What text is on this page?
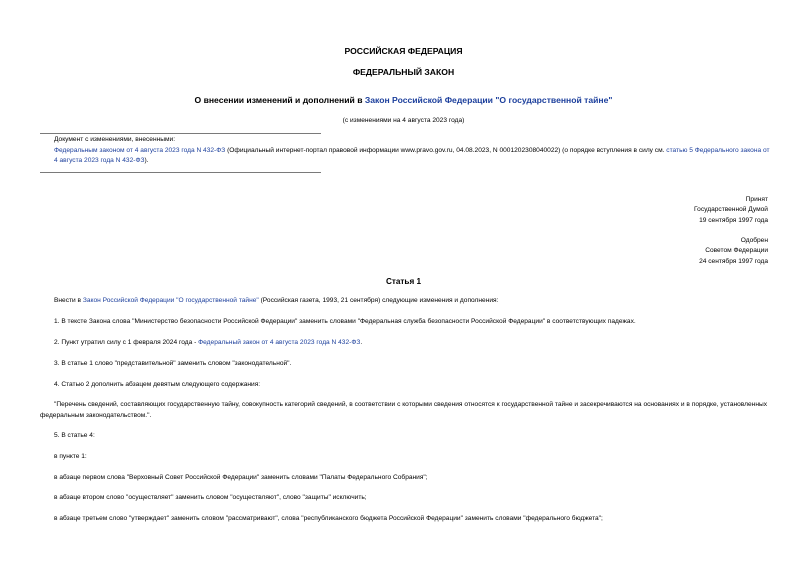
РОССИЙСКАЯ ФЕДЕРАЦИЯ
ФЕДЕРАЛЬНЫЙ ЗАКОН
О внесении изменений и дополнений в Закон Российской Федерации "О государственной тайне"
(с изменениями на 4 августа 2023 года)
Документ с изменениями, внесенными:
Федеральным законом от 4 августа 2023 года N 432-ФЗ (Официальный интернет-портал правовой информации www.pravo.gov.ru, 04.08.2023, N 0001202308040022) (о порядке вступления в силу см. статью 5 Федерального закона от 4 августа 2023 года N 432-ФЗ).
Принят
Государственной Думой
19 сентября 1997 года
Одобрен
Советом Федерации
24 сентября 1997 года
Статья 1
Внести в Закон Российской Федерации "О государственной тайне" (Российская газета, 1993, 21 сентября) следующие изменения и дополнения:
1. В тексте Закона слова "Министерство безопасности Российской Федерации" заменить словами "Федеральная служба безопасности Российской Федерации" в соответствующих падежах.
2. Пункт утратил силу с 1 февраля 2024 года - Федеральный закон от 4 августа 2023 года N 432-ФЗ.
3. В статье 1 слово "представительной" заменить словом "законодательной".
4. Статью 2 дополнить абзацем девятым следующего содержания:
"Перечень сведений, составляющих государственную тайну, совокупность категорий сведений, в соответствии с которыми сведения относятся к государственной тайне и засекречиваются на основаниях и в порядке, установленных федеральным законодательством.".
5. В статье 4:
в пункте 1:
в абзаце первом слова "Верховный Совет Российской Федерации" заменить словами "Палаты Федерального Собрания";
в абзаце втором слово "осуществляет" заменить словом "осуществляют", слово "защиты" исключить;
в абзаце третьем слово "утверждает" заменить словом "рассматривают", слова "республиканского бюджета Российской Федерации" заменить словами "федерального бюджета";
